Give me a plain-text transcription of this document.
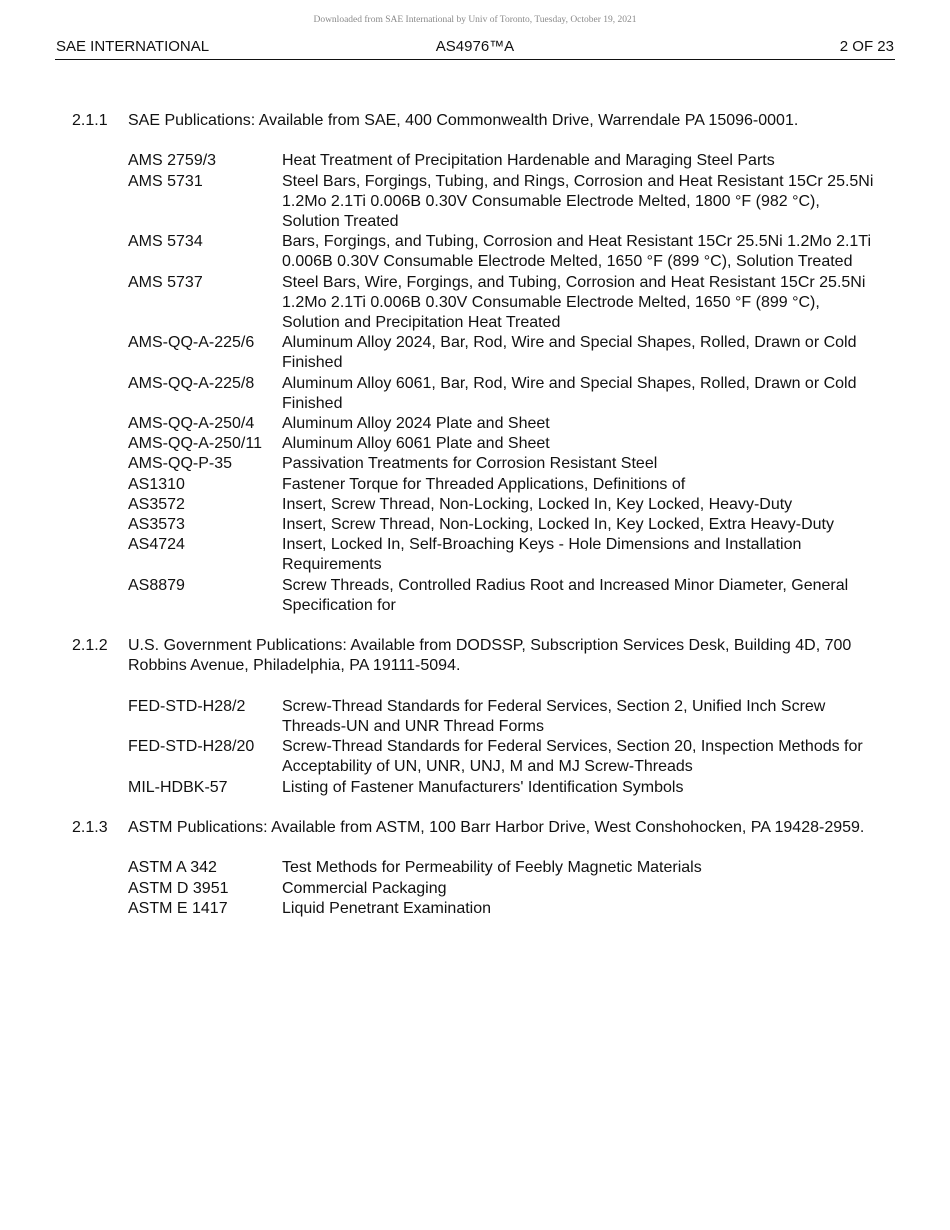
Downloaded from SAE International by Univ of Toronto, Tuesday, October 19, 2021
SAE INTERNATIONAL	AS4976™A	2 OF 23
2.1.1	SAE Publications: Available from SAE, 400 Commonwealth Drive, Warrendale PA 15096-0001.
AMS 2759/3	Heat Treatment of Precipitation Hardenable and Maraging Steel Parts
AMS 5731	Steel Bars, Forgings, Tubing, and Rings, Corrosion and Heat Resistant 15Cr 25.5Ni 1.2Mo 2.1Ti 0.006B 0.30V Consumable Electrode Melted, 1800 °F (982 °C), Solution Treated
AMS 5734	Bars, Forgings, and Tubing, Corrosion and Heat Resistant 15Cr 25.5Ni 1.2Mo 2.1Ti 0.006B 0.30V Consumable Electrode Melted, 1650 °F (899 °C), Solution Treated
AMS 5737	Steel Bars, Wire, Forgings, and Tubing, Corrosion and Heat Resistant 15Cr 25.5Ni 1.2Mo 2.1Ti 0.006B 0.30V Consumable Electrode Melted, 1650 °F (899 °C), Solution and Precipitation Heat Treated
AMS-QQ-A-225/6	Aluminum Alloy 2024, Bar, Rod, Wire and Special Shapes, Rolled, Drawn or Cold Finished
AMS-QQ-A-225/8	Aluminum Alloy 6061, Bar, Rod, Wire and Special Shapes, Rolled, Drawn or Cold Finished
AMS-QQ-A-250/4	Aluminum Alloy 2024 Plate and Sheet
AMS-QQ-A-250/11	Aluminum Alloy 6061 Plate and Sheet
AMS-QQ-P-35	Passivation Treatments for Corrosion Resistant Steel
AS1310	Fastener Torque for Threaded Applications, Definitions of
AS3572	Insert, Screw Thread, Non-Locking, Locked In, Key Locked, Heavy-Duty
AS3573	Insert, Screw Thread, Non-Locking, Locked In, Key Locked, Extra Heavy-Duty
AS4724	Insert, Locked In, Self-Broaching Keys - Hole Dimensions and Installation Requirements
AS8879	Screw Threads, Controlled Radius Root and Increased Minor Diameter, General Specification for
2.1.2	U.S. Government Publications: Available from DODSSP, Subscription Services Desk, Building 4D, 700 Robbins Avenue, Philadelphia, PA 19111-5094.
FED-STD-H28/2	Screw-Thread Standards for Federal Services, Section 2, Unified Inch Screw Threads-UN and UNR Thread Forms
FED-STD-H28/20	Screw-Thread Standards for Federal Services, Section 20, Inspection Methods for Acceptability of UN, UNR, UNJ, M and MJ Screw-Threads
MIL-HDBK-57	Listing of Fastener Manufacturers' Identification Symbols
2.1.3	ASTM Publications: Available from ASTM, 100 Barr Harbor Drive, West Conshohocken, PA 19428-2959.
ASTM A 342	Test Methods for Permeability of Feebly Magnetic Materials
ASTM D 3951	Commercial Packaging
ASTM E 1417	Liquid Penetrant Examination
